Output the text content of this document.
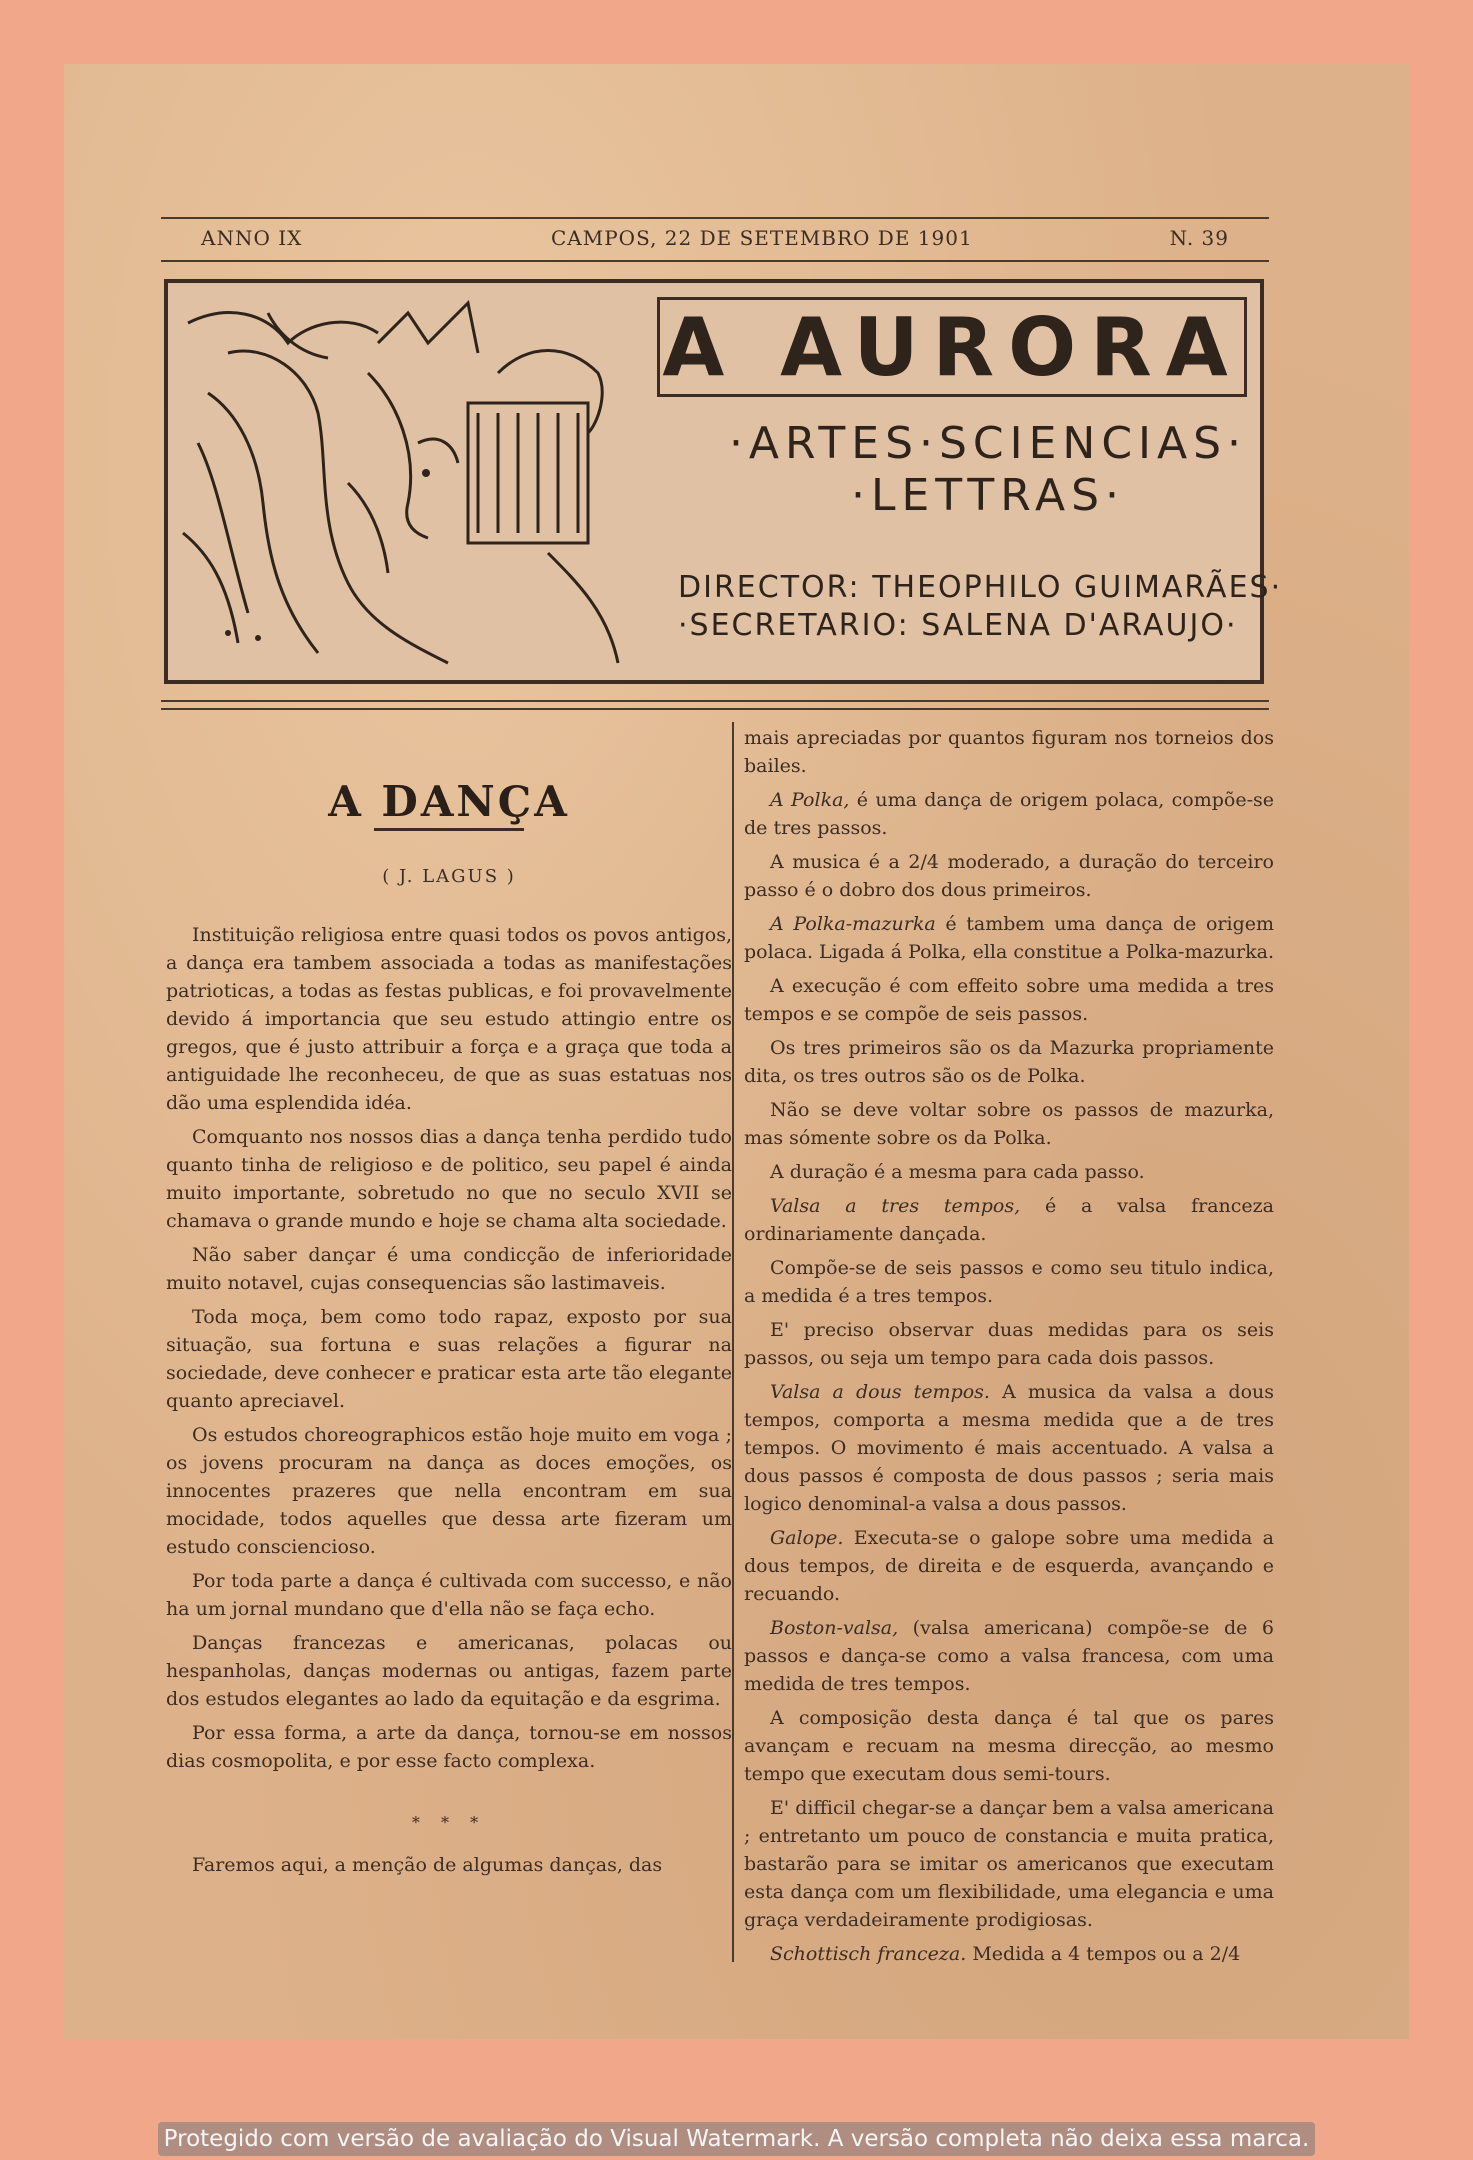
ANNO IX	CAMPOS, 22 DE SETEMBRO DE 1901	N. 39
A AURORA
·ARTES·SCIENCIAS·
·LETTRAS·
DIRECTOR: THEOPHILO GUIMARÃES·
·SECRETARIO: SALENA D'ARAUJO·
A DANÇA
( J. LAGUS )

Instituição religiosa entre quasi todos os povos antigos, a dança era tambem associada a todas as manifestações patrioticas, a todas as festas publicas, e foi provavelmente devido á importancia que seu estudo attingio entre os gregos, que é justo attribuir a força e a graça que toda a antiguidade lhe reconheceu, de que as suas estatuas nos dão uma esplendida idéa.

Comquanto nos nossos dias a dança tenha perdido tudo quanto tinha de religioso e de politico, seu papel é ainda muito importante, sobretudo no que no seculo XVII se chamava o grande mundo e hoje se chama alta sociedade.

Não saber dançar é uma condicção de inferioridade muito notavel, cujas consequencias são lastimaveis.

Toda moça, bem como todo rapaz, exposto por sua situação, sua fortuna e suas relações a figurar na sociedade, deve conhecer e praticar esta arte tão elegante quanto apreciavel.

Os estudos choreographicos estão hoje muito em voga ; os jovens procuram na dança as doces emoções, os innocentes prazeres que nella encontram em sua mocidade, todos aquelles que dessa arte fizeram um estudo consciencioso.

Por toda parte a dança é cultivada com successo, e não ha um jornal mundano que d'ella não se faça echo.

Danças francezas e americanas, polacas ou hespanholas, danças modernas ou antigas, fazem parte dos estudos elegantes ao lado da equitação e da esgrima.

Por essa forma, a arte da dança, tornou-se em nossos dias cosmopolita, e por esse facto complexa.

* * *

Faremos aqui, a menção de algumas danças, das

mais apreciadas por quantos figuram nos torneios dos bailes.

A Polka, é uma dança de origem polaca, compõe-se de tres passos.

A musica é a 2/4 moderado, a duração do terceiro passo é o dobro dos dous primeiros.

A Polka-mazurka é tambem uma dança de origem polaca. Ligada á Polka, ella constitue a Polka-mazurka.

A execução é com effeito sobre uma medida a tres tempos e se compõe de seis passos.

Os tres primeiros são os da Mazurka propriamente dita, os tres outros são os de Polka.

Não se deve voltar sobre os passos de mazurka, mas sómente sobre os da Polka.

A duração é a mesma para cada passo.

Valsa a tres tempos, é a valsa franceza ordinariamente dançada.

Compõe-se de seis passos e como seu titulo indica, a medida é a tres tempos.

E' preciso observar duas medidas para os seis passos, ou seja um tempo para cada dois passos.

Valsa a dous tempos. A musica da valsa a dous tempos, comporta a mesma medida que a de tres tempos. O movimento é mais accentuado. A valsa a dous passos é composta de dous passos ; seria mais logico denominal-a valsa a dous passos.

Galope. Executa-se o galope sobre uma medida a dous tempos, de direita e de esquerda, avançando e recuando.

Boston-valsa, (valsa americana) compõe-se de 6 passos e dança-se como a valsa francesa, com uma medida de tres tempos.

A composição desta dança é tal que os pares avançam e recuam na mesma direcção, ao mesmo tempo que executam dous semi-tours.

E' difficil chegar-se a dançar bem a valsa americana ; entretanto um pouco de constancia e muita pratica, bastarão para se imitar os americanos que executam esta dança com um flexibilidade, uma elegancia e uma graça verdadeiramente prodigiosas.

Schottisch franceza. Medida a 4 tempos ou a 2/4

Protegido com versão de avaliação do Visual Watermark. A versão completa não deixa essa marca.
